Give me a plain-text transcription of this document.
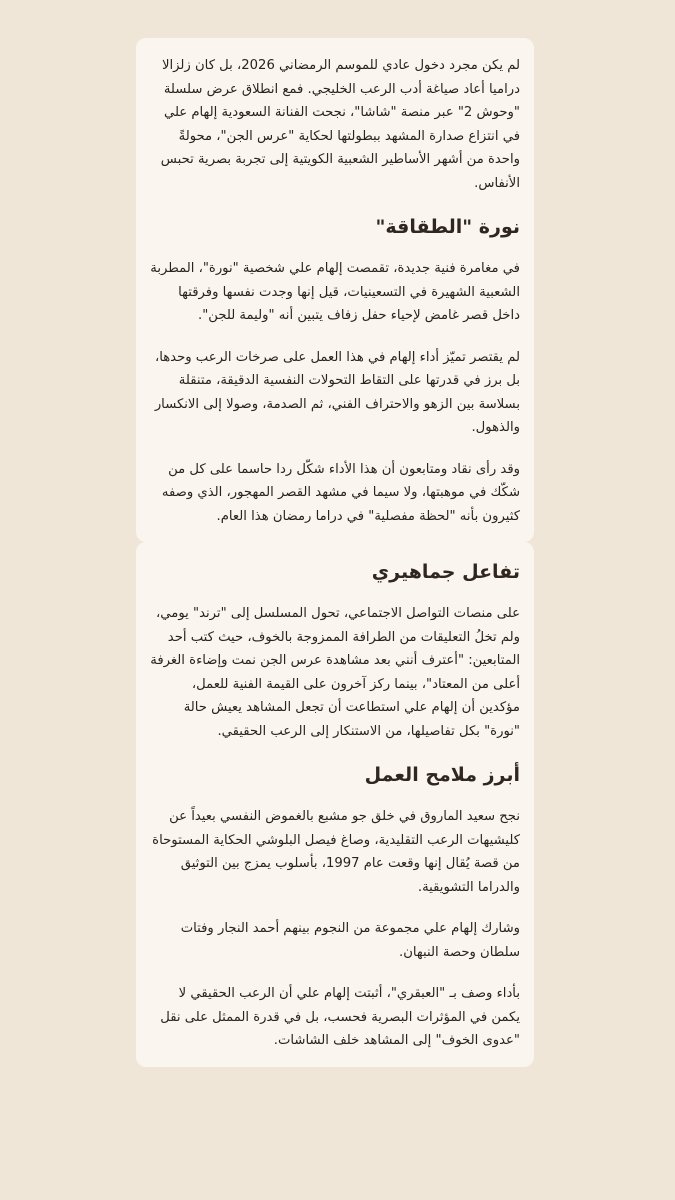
لم يكن مجرد دخول عادي للموسم الرمضاني 2026، بل كان زلزالا دراميا أعاد صياغة أدب الرعب الخليجي. فمع انطلاق عرض سلسلة "وحوش 2" عبر منصة "شاشا"، نجحت الفنانة السعودية إلهام علي في انتزاع صدارة المشهد ببطولتها لحكاية "عرس الجن"، محولةً واحدة من أشهر الأساطير الشعبية الكويتية إلى تجربة بصرية تحبس الأنفاس.

نورة "الطقاقة"

في مغامرة فنية جديدة، تقمصت إلهام علي شخصية "نورة"، المطربة الشعبية الشهيرة في التسعينيات، قيل إنها وجدت نفسها وفرقتها داخل قصر غامض لإحياء حفل زفاف يتبين أنه "وليمة للجن".

لم يقتصر تميّز أداء إلهام في هذا العمل على صرخات الرعب وحدها، بل برز في قدرتها على التقاط التحولات النفسية الدقيقة، متنقلة بسلاسة بين الزهو والاحتراف الفني، ثم الصدمة، وصولا إلى الانكسار والذهول.

وقد رأى نقاد ومتابعون أن هذا الأداء شكّل ردا حاسما على كل من شكّك في موهبتها، ولا سيما في مشهد القصر المهجور، الذي وصفه كثيرون بأنه "لحظة مفصلية" في دراما رمضان هذا العام.

تفاعل جماهيري

على منصات التواصل الاجتماعي، تحول المسلسل إلى "ترند" يومي، ولم تخلُ التعليقات من الطرافة الممزوجة بالخوف، حيث كتب أحد المتابعين: "أعترف أنني بعد مشاهدة عرس الجن نمت وإضاءة الغرفة أعلى من المعتاد"، بينما ركز آخرون على القيمة الفنية للعمل، مؤكدين أن إلهام علي استطاعت أن تجعل المشاهد يعيش حالة "نورة" بكل تفاصيلها، من الاستنكار إلى الرعب الحقيقي.

أبرز ملامح العمل

نجح سعيد الماروق في خلق جو مشبع بالغموض النفسي بعيداً عن كليشيهات الرعب التقليدية، وصاغ فيصل البلوشي الحكاية المستوحاة من قصة يُقال إنها وقعت عام 1997، بأسلوب يمزج بين التوثيق والدراما التشويقية.

وشارك إلهام علي مجموعة من النجوم بينهم أحمد النجار وفتات سلطان وحصة النبهان.

بأداء وصف بـ "العبقري"، أثبتت إلهام علي أن الرعب الحقيقي لا يكمن في المؤثرات البصرية فحسب، بل في قدرة الممثل على نقل "عدوى الخوف" إلى المشاهد خلف الشاشات.
